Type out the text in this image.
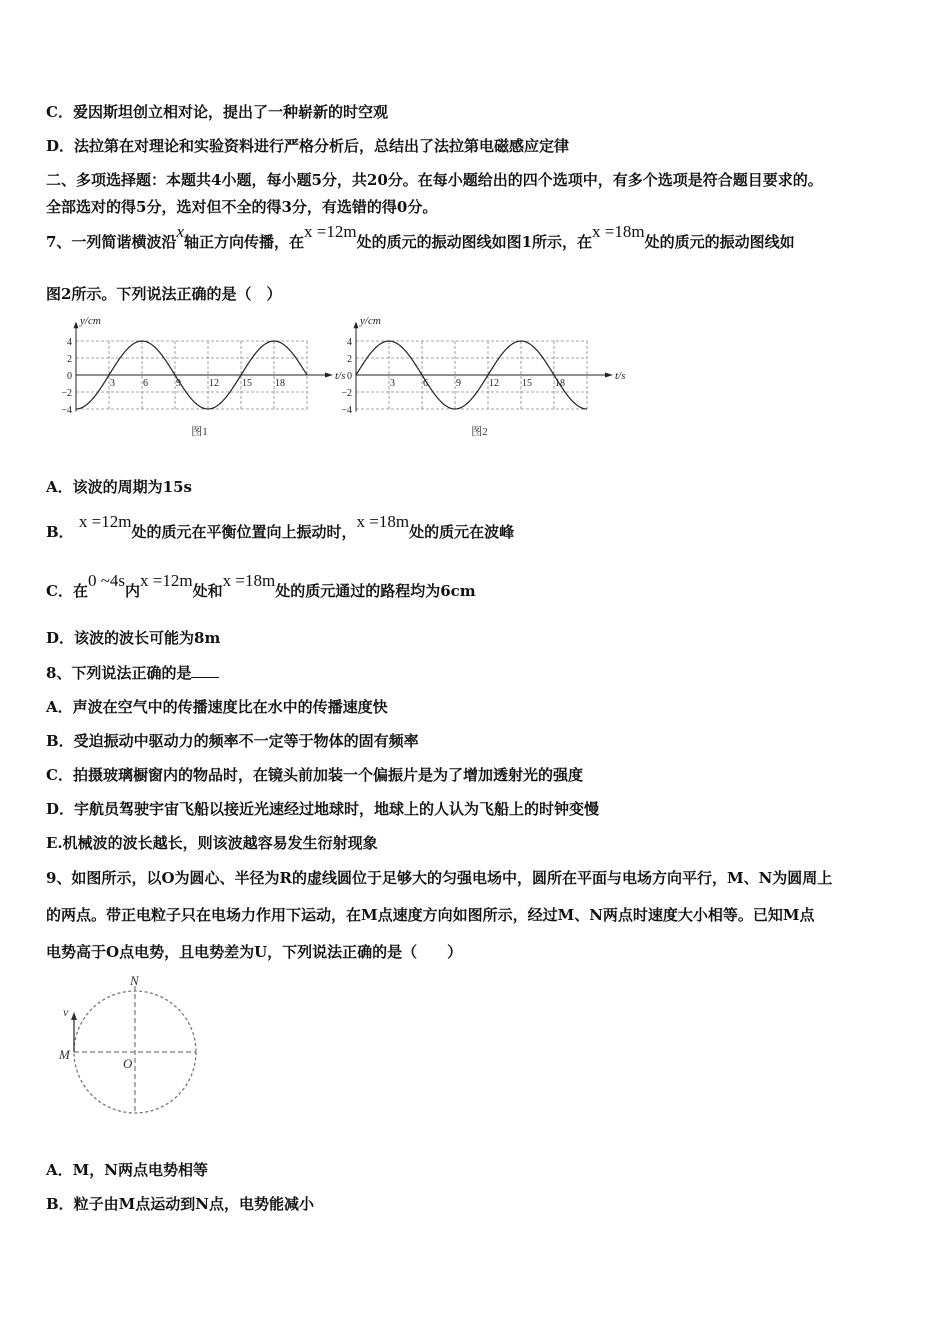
C．爱因斯坦创立相对论，提出了一种崭新的时空观
D．法拉第在对理论和实验资料进行严格分析后，总结出了法拉第电磁感应定律
二、多项选择题：本题共4小题，每小题5分，共20分。在每小题给出的四个选项中，有多个选项是符合题目要求的。
全部选对的得5分，选对但不全的得3分，有选错的得0分。
7、一列简谐横波沿x轴正方向传播，在x =12m处的质元的振动图线如图1所示，在x =18m处的质元的振动图线如
图2所示。下列说法正确的是（　）
y/cm
t/s
4
2
0
−2
−4
3	6	9	12 15 18
图1
y/cm
t/s
4
2
0
−2
−4
3	6	9	12 15 18
图2
A．该波的周期为15s
B． x =12m处的质元在平衡位置向上振动时，x =18m处的质元在波峰
C．在0 ~4s内x =12m处和x =18m处的质元通过的路程均为6cm
D．该波的波长可能为8m
8、下列说法正确的是
A．声波在空气中的传播速度比在水中的传播速度快
B．受迫振动中驱动力的频率不一定等于物体的固有频率
C．拍摄玻璃橱窗内的物品时，在镜头前加装一个偏振片是为了增加透射光的强度
D．宇航员驾驶宇宙飞船以接近光速经过地球时，地球上的人认为飞船上的时钟变慢
E.机械波的波长越长，则该波越容易发生衍射现象
9、如图所示，以O为圆心、半径为R的虚线圆位于足够大的匀强电场中，圆所在平面与电场方向平行，M、N为圆周上
的两点。带正电粒子只在电场力作用下运动，在M点速度方向如图所示，经过M、N两点时速度大小相等。已知M点
电势高于O点电势，且电势差为U，下列说法正确的是（　　）
N
v
M
O
A．M，N两点电势相等
B．粒子由M点运动到N点，电势能减小
